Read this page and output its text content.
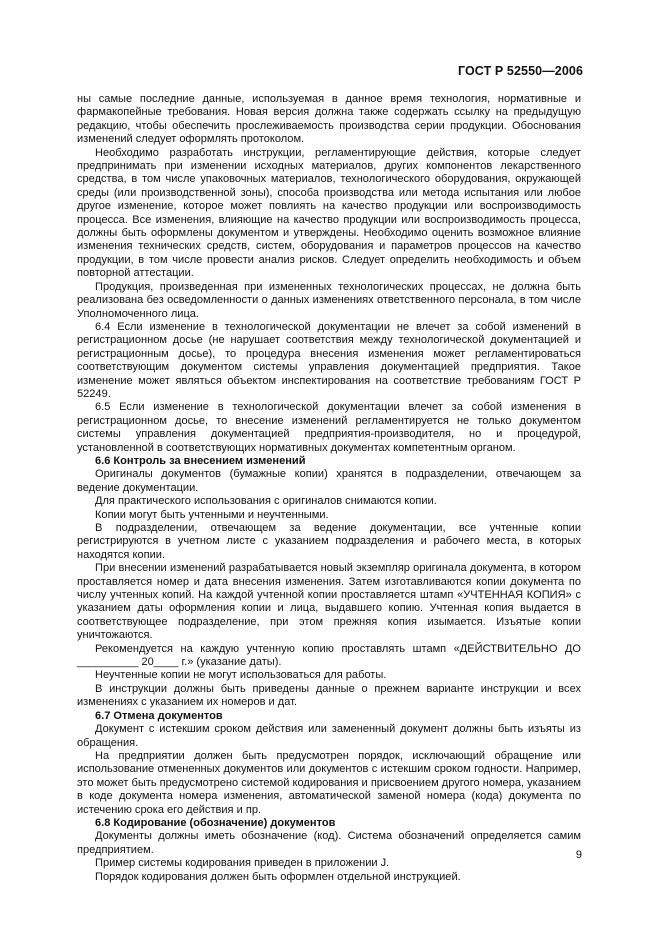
ГОСТ Р 52550—2006

ны самые последние данные, используемая в данное время технология, нормативные и фармакопейные требования. Новая версия должна также содержать ссылку на предыдущую редакцию, чтобы обеспечить прослеживаемость производства серии продукции. Обоснования изменений следует оформлять протоколом.

Необходимо разработать инструкции, регламентирующие действия, которые следует предпринимать при изменении исходных материалов, других компонентов лекарственного средства, в том числе упаковочных материалов, технологического оборудования, окружающей среды (или производственной зоны), способа производства или метода испытания или любое другое изменение, которое может повлиять на качество продукции или воспроизводимость процесса. Все изменения, влияющие на качество продукции или воспроизводимость процесса, должны быть оформлены документом и утверждены. Необходимо оценить возможное влияние изменения технических средств, систем, оборудования и параметров процессов на качество продукции, в том числе провести анализ рисков. Следует определить необходимость и объем повторной аттестации.

Продукция, произведенная при измененных технологических процессах, не должна быть реализована без осведомленности о данных изменениях ответственного персонала, в том числе Уполномоченного лица.

6.4 Если изменение в технологической документации не влечет за собой изменений в регистрационном досье (не нарушает соответствия между технологической документацией и регистрационным досье), то процедура внесения изменения может регламентироваться соответствующим документом системы управления документацией предприятия. Такое изменение может являться объектом инспектирования на соответствие требованиям ГОСТ Р 52249.

6.5 Если изменение в технологической документации влечет за собой изменения в регистрационном досье, то внесение изменений регламентируется не только документом системы управления документацией предприятия-производителя, но и процедурой, установленной в соответствующих нормативных документах компетентным органом.

6.6 Контроль за внесением изменений

Оригиналы документов (бумажные копии) хранятся в подразделении, отвечающем за ведение документации.

Для практического использования с оригиналов снимаются копии.

Копии могут быть учтенными и неучтенными.

В подразделении, отвечающем за ведение документации, все учтенные копии регистрируются в учетном листе с указанием подразделения и рабочего места, в которых находятся копии.

При внесении изменений разрабатывается новый экземпляр оригинала документа, в котором проставляется номер и дата внесения изменения. Затем изготавливаются копии документа по числу учтенных копий. На каждой учтенной копии проставляется штамп «УЧТЕННАЯ КОПИЯ» с указанием даты оформления копии и лица, выдавшего копию. Учтенная копия выдается в соответствующее подразделение, при этом прежняя копия изымается. Изъятые копии уничтожаются.

Рекомендуется на каждую учтенную копию проставлять штамп «ДЕЙСТВИТЕЛЬНО ДО __________ 20____ г.» (указание даты).

Неучтенные копии не могут использоваться для работы.

В инструкции должны быть приведены данные о прежнем варианте инструкции и всех изменениях с указанием их номеров и дат.

6.7 Отмена документов

Документ с истекшим сроком действия или замененный документ должны быть изъяты из обращения.

На предприятии должен быть предусмотрен порядок, исключающий обращение или использование отмененных документов или документов с истекшим сроком годности. Например, это может быть предусмотрено системой кодирования и присвоением другого номера, указанием в коде документа номера изменения, автоматической заменой номера (кода) документа по истечению срока его действия и пр.

6.8 Кодирование (обозначение) документов

Документы должны иметь обозначение (код). Система обозначений определяется самим предприятием.

Пример системы кодирования приведен в приложении J.

Порядок кодирования должен быть оформлен отдельной инструкцией.

9
